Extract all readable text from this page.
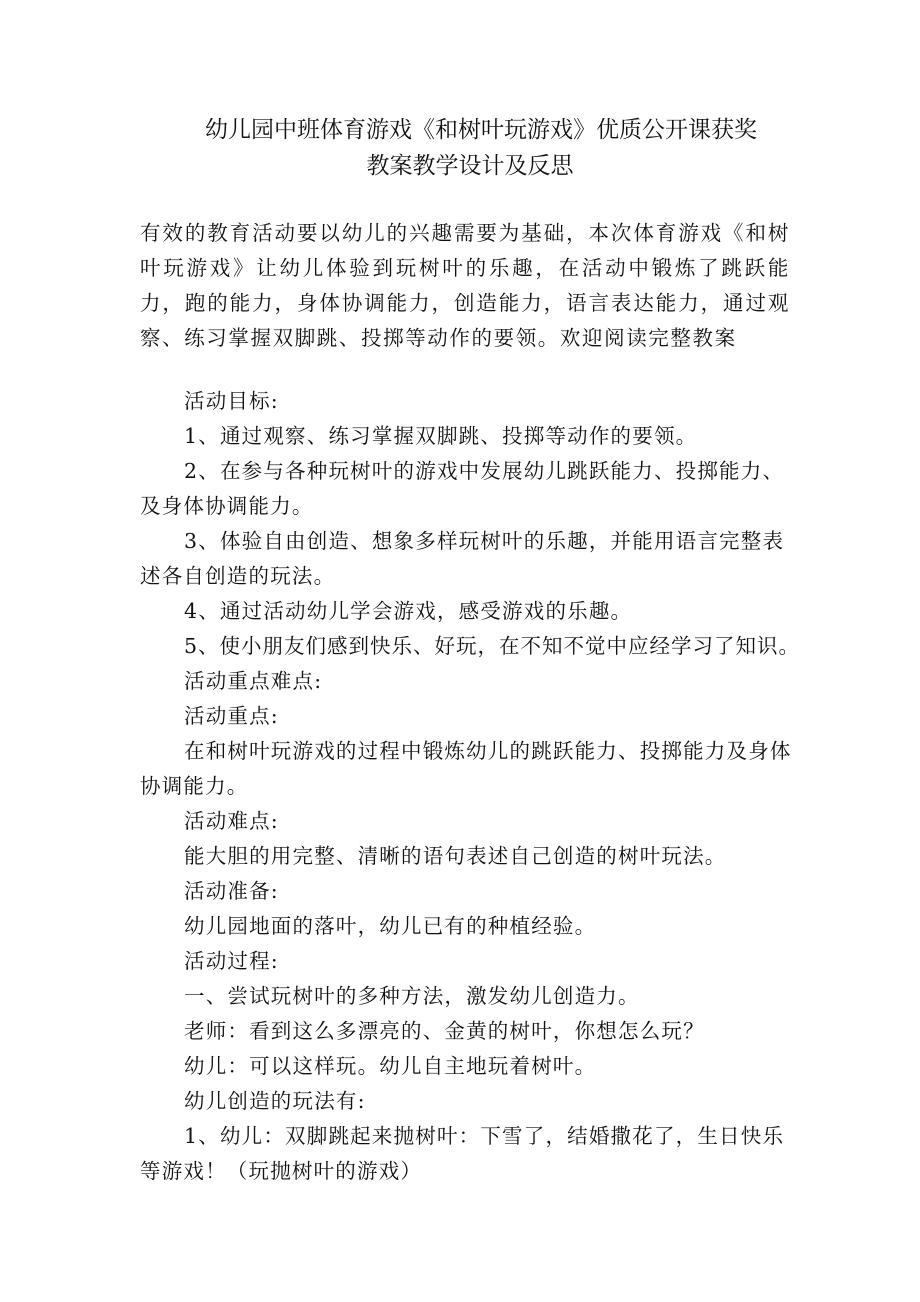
幼儿园中班体育游戏《和树叶玩游戏》优质公开课获奖
教案教学设计及反思

有效的教育活动要以幼儿的兴趣需要为基础，本次体育游戏《和树叶玩游戏》让幼儿体验到玩树叶的乐趣，在活动中锻炼了跳跃能力，跑的能力，身体协调能力，创造能力，语言表达能力，通过观察、练习掌握双脚跳、投掷等动作的要领。欢迎阅读完整教案

活动目标:

1、通过观察、练习掌握双脚跳、投掷等动作的要领。

2、在参与各种玩树叶的游戏中发展幼儿跳跃能力、投掷能力、及身体协调能力。

3、体验自由创造、想象多样玩树叶的乐趣，并能用语言完整表述各自创造的玩法。

4、通过活动幼儿学会游戏，感受游戏的乐趣。

5、使小朋友们感到快乐、好玩，在不知不觉中应经学习了知识。

活动重点难点:

活动重点:

在和树叶玩游戏的过程中锻炼幼儿的跳跃能力、投掷能力及身体协调能力。

活动难点:

能大胆的用完整、清晰的语句表述自己创造的树叶玩法。

活动准备:

幼儿园地面的落叶，幼儿已有的种植经验。

活动过程:

一、尝试玩树叶的多种方法，激发幼儿创造力。

老师：看到这么多漂亮的、金黄的树叶，你想怎么玩？

幼儿：可以这样玩。幼儿自主地玩着树叶。

幼儿创造的玩法有:

1、幼儿：双脚跳起来抛树叶：下雪了，结婚撒花了，生日快乐等游戏！（玩抛树叶的游戏）
